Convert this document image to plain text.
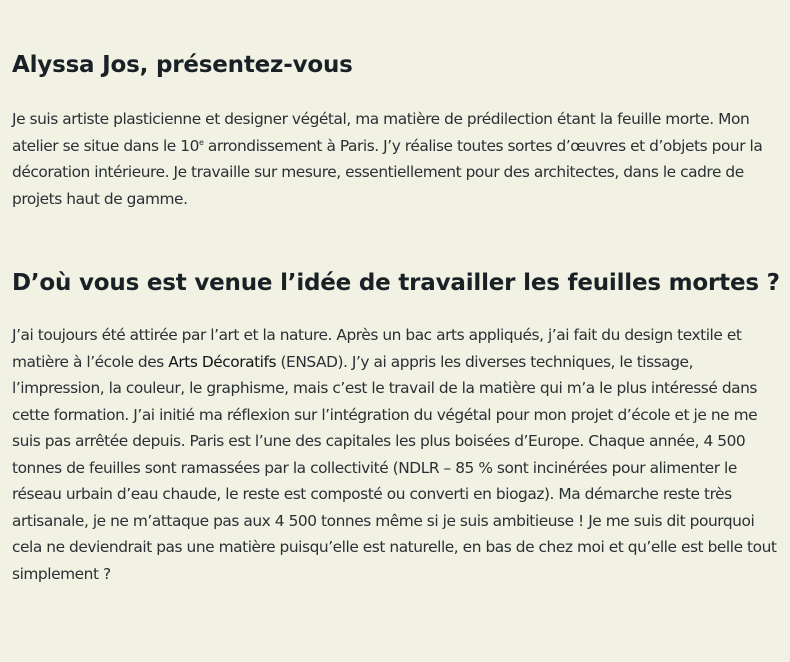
Alyssa Jos, présentez-vous

Je suis artiste plasticienne et designer végétal, ma matière de prédilection étant la feuille morte. Mon atelier se situe dans le 10e arrondissement à Paris. J’y réalise toutes sortes d’œuvres et d’objets pour la décoration intérieure. Je travaille sur mesure, essentiellement pour des architectes, dans le cadre de projets haut de gamme.

D’où vous est venue l’idée de travailler les feuilles mortes ?

J’ai toujours été attirée par l’art et la nature. Après un bac arts appliqués, j’ai fait du design textile et matière à l’école des Arts Décoratifs (ENSAD). J’y ai appris les diverses techniques, le tissage, l’impression, la couleur, le graphisme, mais c’est le travail de la matière qui m’a le plus intéressé dans cette formation. J’ai initié ma réflexion sur l’intégration du végétal pour mon projet d’école et je ne me suis pas arrêtée depuis. Paris est l’une des capitales les plus boisées d’Europe. Chaque année, 4 500 tonnes de feuilles sont ramassées par la collectivité (NDLR – 85 % sont incinérées pour alimenter le réseau urbain d’eau chaude, le reste est composté ou converti en biogaz). Ma démarche reste très artisanale, je ne m’attaque pas aux 4 500 tonnes même si je suis ambitieuse ! Je me suis dit pourquoi cela ne deviendrait pas une matière puisqu’elle est naturelle, en bas de chez moi et qu’elle est belle tout simplement ?
